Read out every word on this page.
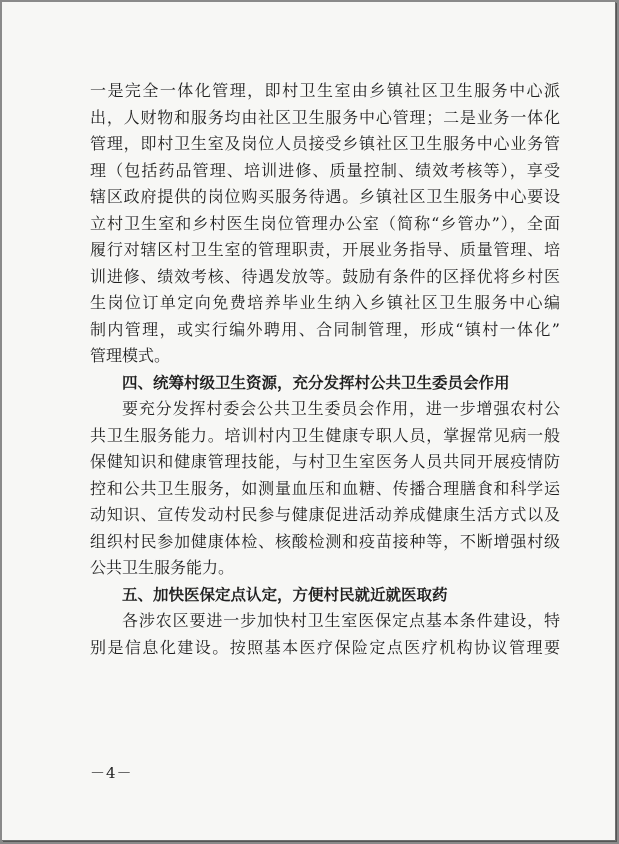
一是完全一体化管理，即村卫生室由乡镇社区卫生服务中心派
出，人财物和服务均由社区卫生服务中心管理；二是业务一体化
管理，即村卫生室及岗位人员接受乡镇社区卫生服务中心业务管
理（包括药品管理、培训进修、质量控制、绩效考核等），享受
辖区政府提供的岗位购买服务待遇。乡镇社区卫生服务中心要设
立村卫生室和乡村医生岗位管理办公室（简称“乡管办”），全面
履行对辖区村卫生室的管理职责，开展业务指导、质量管理、培
训进修、绩效考核、待遇发放等。鼓励有条件的区择优将乡村医
生岗位订单定向免费培养毕业生纳入乡镇社区卫生服务中心编
制内管理，或实行编外聘用、合同制管理，形成“镇村一体化”
管理模式。
四、统筹村级卫生资源，充分发挥村公共卫生委员会作用
要充分发挥村委会公共卫生委员会作用，进一步增强农村公
共卫生服务能力。培训村内卫生健康专职人员，掌握常见病一般
保健知识和健康管理技能，与村卫生室医务人员共同开展疫情防
控和公共卫生服务，如测量血压和血糖、传播合理膳食和科学运
动知识、宣传发动村民参与健康促进活动养成健康生活方式以及
组织村民参加健康体检、核酸检测和疫苗接种等，不断增强村级
公共卫生服务能力。
五、加快医保定点认定，方便村民就近就医取药
各涉农区要进一步加快村卫生室医保定点基本条件建设，特
别是信息化建设。按照基本医疗保险定点医疗机构协议管理要
－4－
